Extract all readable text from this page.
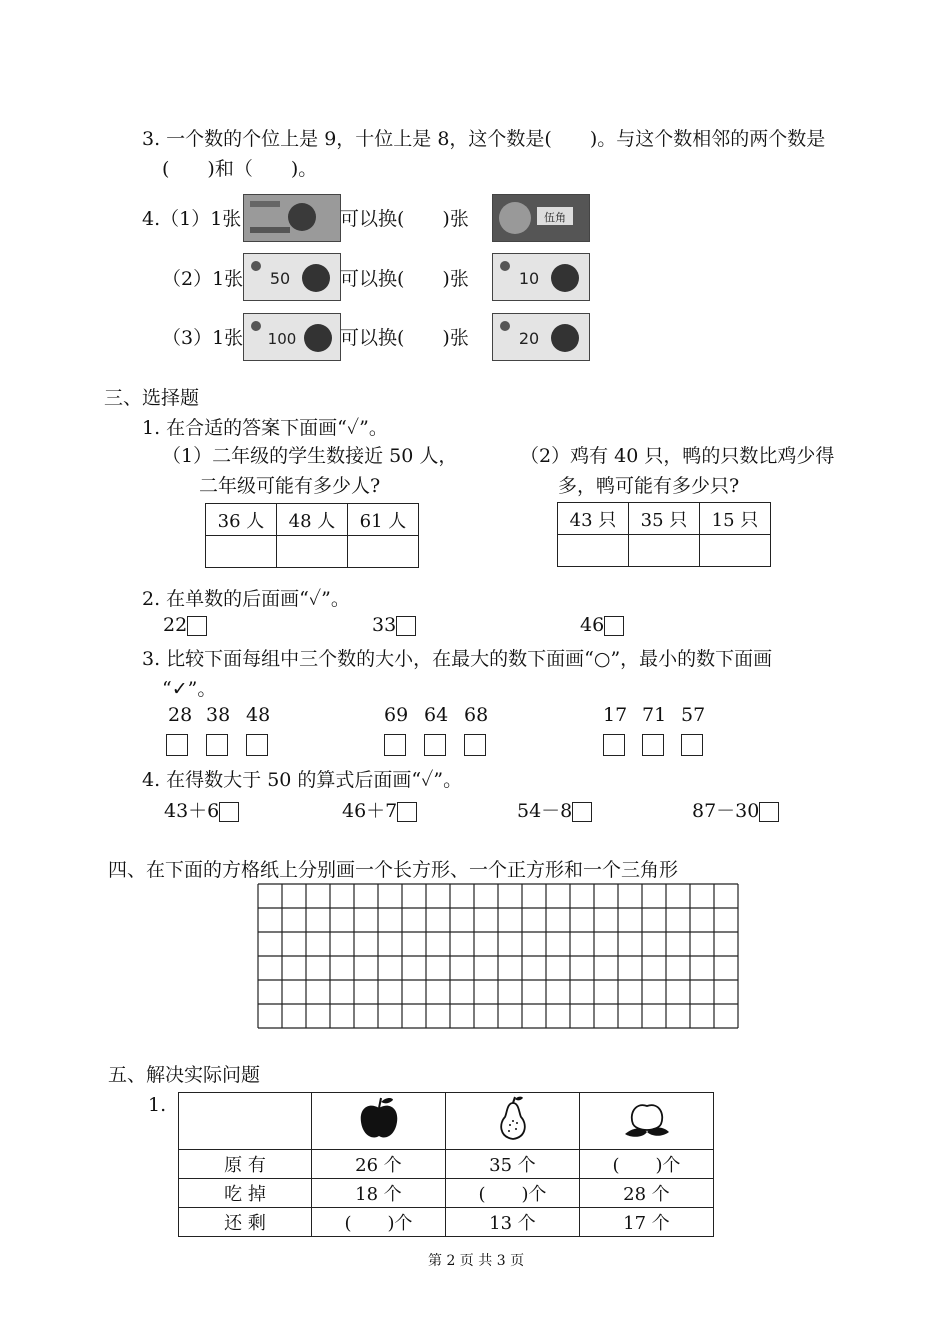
3. 一个数的个位上是 9，十位上是 8，这个数是(　　)。与这个数相邻的两个数是
(　　)和（　　)。
4.（1）1张	可以换(　　)张	伍角
（2）1张 50	可以换(　　)张	10
（3）1张 100 可以换(　　)张	20
三、选择题
1. 在合适的答案下面画“✓”。
（1）二年级的学生数接近 50 人，
二年级可能有多少人?
36 人	48 人	61 人

（2）鸡有 40 只，鸭的只数比鸡少得
多，鸭可能有多少只?
43 只	35 只	15 只

2. 在单数的后面画“✓”。
22	33	46
3. 比较下面每组中三个数的大小，在最大的数下面画“○”，最小的数下面画
“✓”。
28 38 48	69 64 68	17 71 57
4. 在得数大于 50 的算式后面画“✓”。
43＋6	46＋7	54－8	87－30
四、在下面的方格纸上分别画一个长方形、一个正方形和一个三角形
五、解决实际问题
1.

原 有	26 个	35 个	(　　)个
吃 掉	18 个	(　　)个	28 个
还 剩	(　　)个	13 个	17 个
第 2 页 共 3 页
